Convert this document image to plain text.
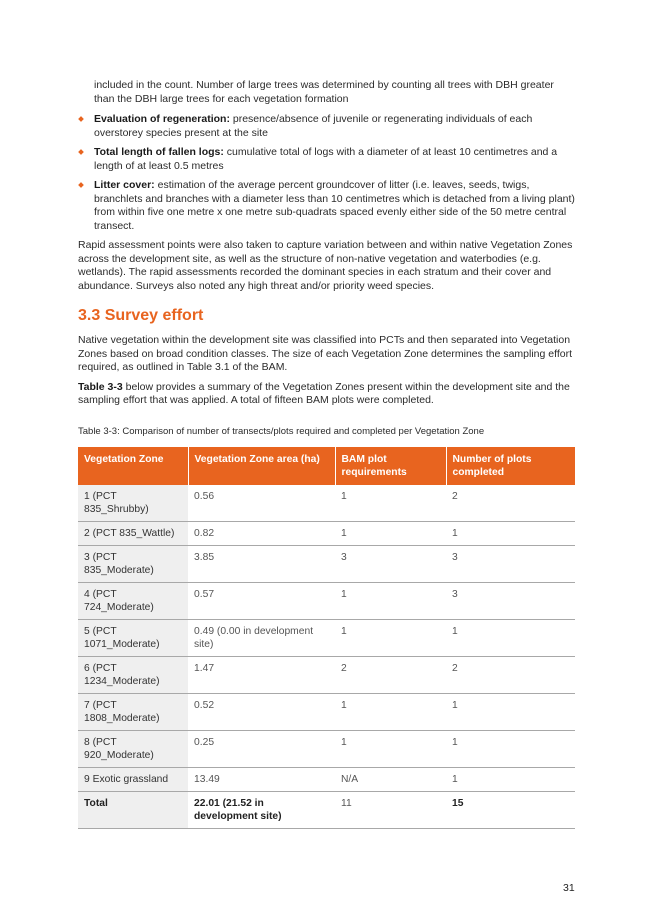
included in the count. Number of large trees was determined by counting all trees with DBH greater than the DBH large trees for each vegetation formation

Evaluation of regeneration: presence/absence of juvenile or regenerating individuals of each overstorey species present at the site
Total length of fallen logs: cumulative total of logs with a diameter of at least 10 centimetres and a length of at least 0.5 metres
Litter cover: estimation of the average percent groundcover of litter (i.e. leaves, seeds, twigs, branchlets and branches with a diameter less than 10 centimetres which is detached from a living plant) from within five one metre x one metre sub-quadrats spaced evenly either side of the 50 metre central transect.

Rapid assessment points were also taken to capture variation between and within native Vegetation Zones across the development site, as well as the structure of non-native vegetation and waterbodies (e.g. wetlands). The rapid assessments recorded the dominant species in each stratum and their cover and abundance. Surveys also noted any high threat and/or priority weed species.

3.3 Survey effort

Native vegetation within the development site was classified into PCTs and then separated into Vegetation Zones based on broad condition classes. The size of each Vegetation Zone determines the sampling effort required, as outlined in Table 3.1 of the BAM.

Table 3-3 below provides a summary of the Vegetation Zones present within the development site and the sampling effort that was applied. A total of fifteen BAM plots were completed.

Table 3-3: Comparison of number of transects/plots required and completed per Vegetation Zone
Vegetation Zone	Vegetation Zone area (ha)	BAM plot requirements	Number of plots completed
1 (PCT 835_Shrubby)	0.56	1	2
2 (PCT 835_Wattle)	0.82	1	1
3 (PCT 835_Moderate)	3.85	3	3
4 (PCT 724_Moderate)	0.57	1	3
5 (PCT 1071_Moderate)	0.49 (0.00 in development site)	1	1
6 (PCT 1234_Moderate)	1.47	2	2
7 (PCT 1808_Moderate)	0.52	1	1
8 (PCT 920_Moderate)	0.25	1	1
9 Exotic grassland	13.49	N/A	1
Total	22.01 (21.52 in development site)	11	15
31
